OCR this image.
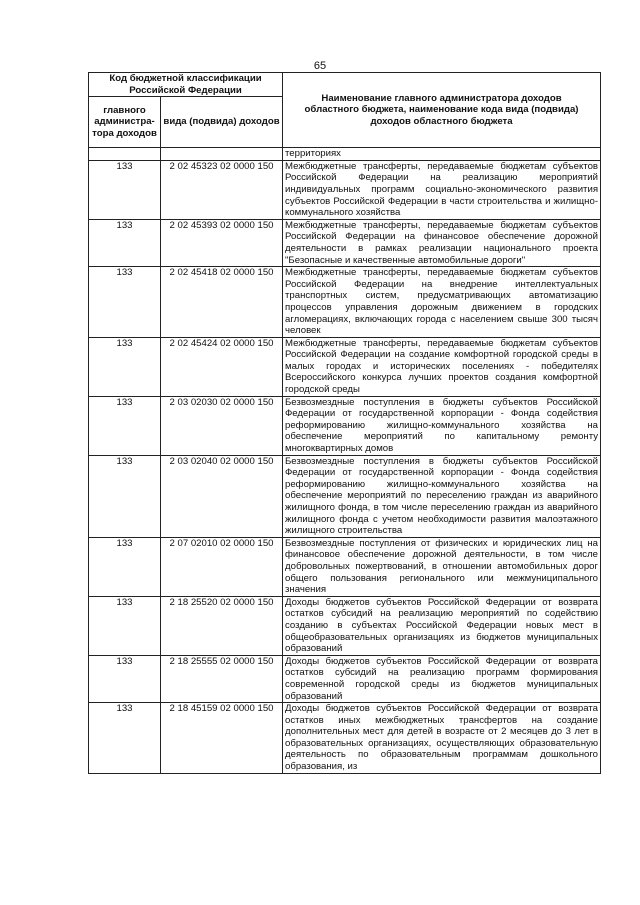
65
Код бюджетной классификации Российской Федерации		Наименование главного администратора доходов областного бюджета, наименование кода вида (подвида) доходов областного бюджета
главного администра-тора доходов	вида (подвида) доходов	
		территориях
133	2 02 45323 02 0000 150	Межбюджетные трансферты, передаваемые бюджетам субъектов Российской Федерации на реализацию мероприятий индивидуальных программ социально-экономического развития субъектов Российской Федерации в части строительства и жилищно-коммунального хозяйства
133	2 02 45393 02 0000 150	Межбюджетные трансферты, передаваемые бюджетам субъектов Российской Федерации на финансовое обеспечение дорожной деятельности в рамках реализации национального проекта "Безопасные и качественные автомобильные дороги"
133	2 02 45418 02 0000 150	Межбюджетные трансферты, передаваемые бюджетам субъектов Российской Федерации на внедрение интеллектуальных транспортных систем, предусматривающих автоматизацию процессов управления дорожным движением в городских агломерациях, включающих города с населением свыше 300 тысяч человек
133	2 02 45424 02 0000 150	Межбюджетные трансферты, передаваемые бюджетам субъектов Российской Федерации на создание комфортной городской среды в малых городах и исторических поселениях - победителях Всероссийского конкурса лучших проектов создания комфортной городской среды
133	2 03 02030 02 0000 150	Безвозмездные поступления в бюджеты субъектов Российской Федерации от государственной корпорации - Фонда содействия реформированию жилищно-коммунального хозяйства на обеспечение мероприятий по капитальному ремонту многоквартирных домов
133	2 03 02040 02 0000 150	Безвозмездные поступления в бюджеты субъектов Российской Федерации от государственной корпорации - Фонда содействия реформированию жилищно-коммунального хозяйства на обеспечение мероприятий по переселению граждан из аварийного жилищного фонда, в том числе переселению граждан из аварийного жилищного фонда с учетом необходимости развития малоэтажного жилищного строительства
133	2 07 02010 02 0000 150	Безвозмездные поступления от физических и юридических лиц на финансовое обеспечение дорожной деятельности, в том числе добровольных пожертвований, в отношении автомобильных дорог общего пользования регионального или межмуниципального значения
133	2 18 25520 02 0000 150	Доходы бюджетов субъектов Российской Федерации от возврата остатков субсидий на реализацию мероприятий по содействию созданию в субъектах Российской Федерации новых мест в общеобразовательных организациях из бюджетов муниципальных образований
133	2 18 25555 02 0000 150	Доходы бюджетов субъектов Российской Федерации от возврата остатков субсидий на реализацию программ формирования современной городской среды из бюджетов муниципальных образований
133	2 18 45159 02 0000 150	Доходы бюджетов субъектов Российской Федерации от возврата остатков иных межбюджетных трансфертов на создание дополнительных мест для детей в возрасте от 2 месяцев до 3 лет в образовательных организациях, осуществляющих образовательную деятельность по образовательным программам дошкольного образования, из
